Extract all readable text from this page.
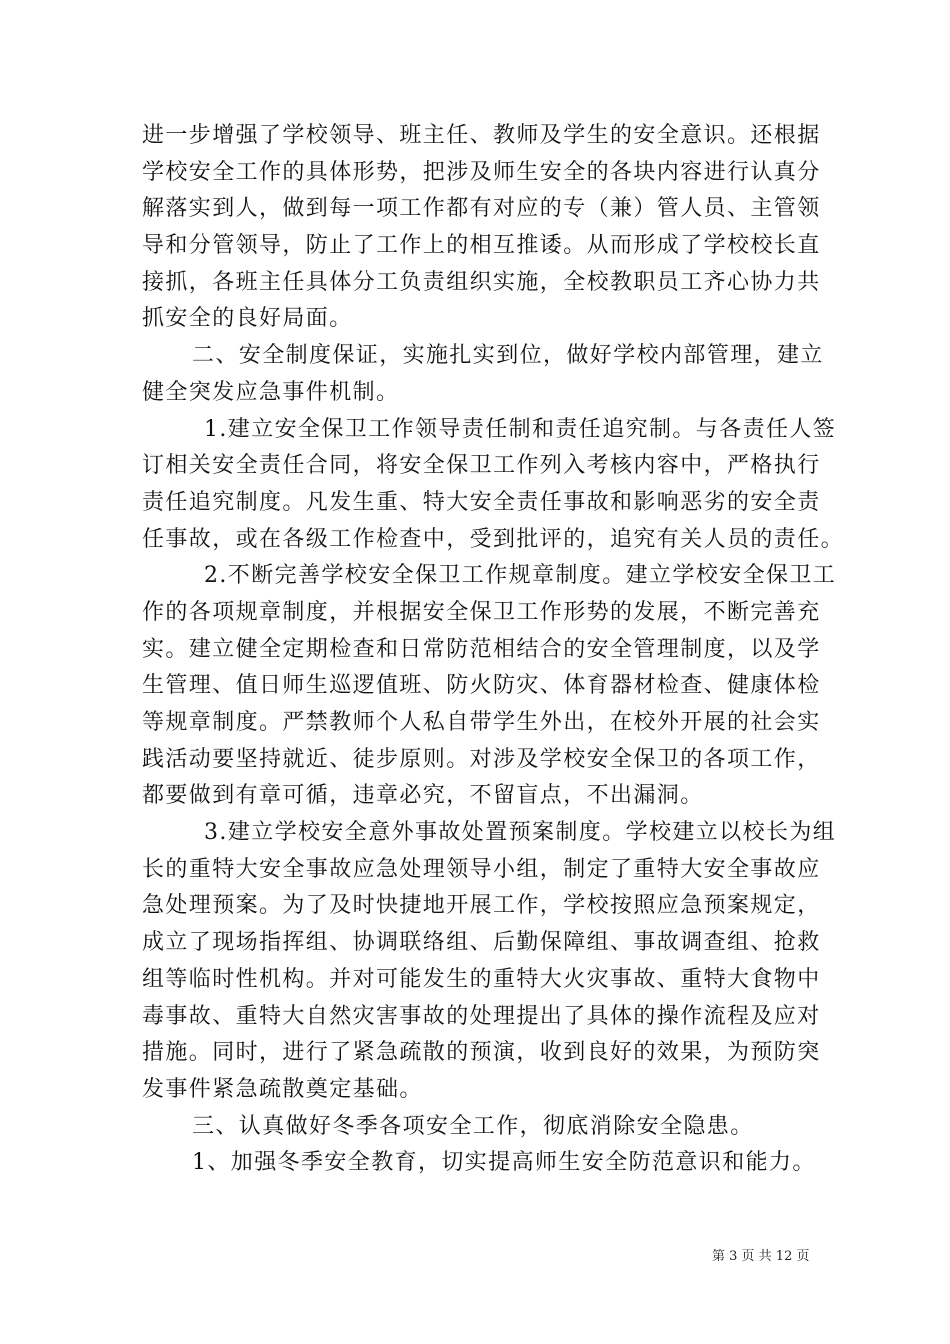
进一步增强了学校领导、班主任、教师及学生的安全意识。还根据
学校安全工作的具体形势，把涉及师生安全的各块内容进行认真分
解落实到人，做到每一项工作都有对应的专（兼）管人员、主管领
导和分管领导，防止了工作上的相互推诿。从而形成了学校校长直
接抓，各班主任具体分工负责组织实施，全校教职员工齐心协力共
抓安全的良好局面。
二、安全制度保证，实施扎实到位，做好学校内部管理，建立
健全突发应急事件机制。
1.建立安全保卫工作领导责任制和责任追究制。与各责任人签
订相关安全责任合同，将安全保卫工作列入考核内容中，严格执行
责任追究制度。凡发生重、特大安全责任事故和影响恶劣的安全责
任事故，或在各级工作检查中，受到批评的，追究有关人员的责任。
2.不断完善学校安全保卫工作规章制度。建立学校安全保卫工
作的各项规章制度，并根据安全保卫工作形势的发展，不断完善充
实。建立健全定期检查和日常防范相结合的安全管理制度，以及学
生管理、值日师生巡逻值班、防火防灾、体育器材检查、健康体检
等规章制度。严禁教师个人私自带学生外出，在校外开展的社会实
践活动要坚持就近、徒步原则。对涉及学校安全保卫的各项工作，
都要做到有章可循，违章必究，不留盲点，不出漏洞。
3.建立学校安全意外事故处置预案制度。学校建立以校长为组
长的重特大安全事故应急处理领导小组，制定了重特大安全事故应
急处理预案。为了及时快捷地开展工作，学校按照应急预案规定，
成立了现场指挥组、协调联络组、后勤保障组、事故调查组、抢救
组等临时性机构。并对可能发生的重特大火灾事故、重特大食物中
毒事故、重特大自然灾害事故的处理提出了具体的操作流程及应对
措施。同时，进行了紧急疏散的预演，收到良好的效果，为预防突
发事件紧急疏散奠定基础。
三、认真做好冬季各项安全工作，彻底消除安全隐患。
1、加强冬季安全教育，切实提高师生安全防范意识和能力。
第 3 页 共 12 页
